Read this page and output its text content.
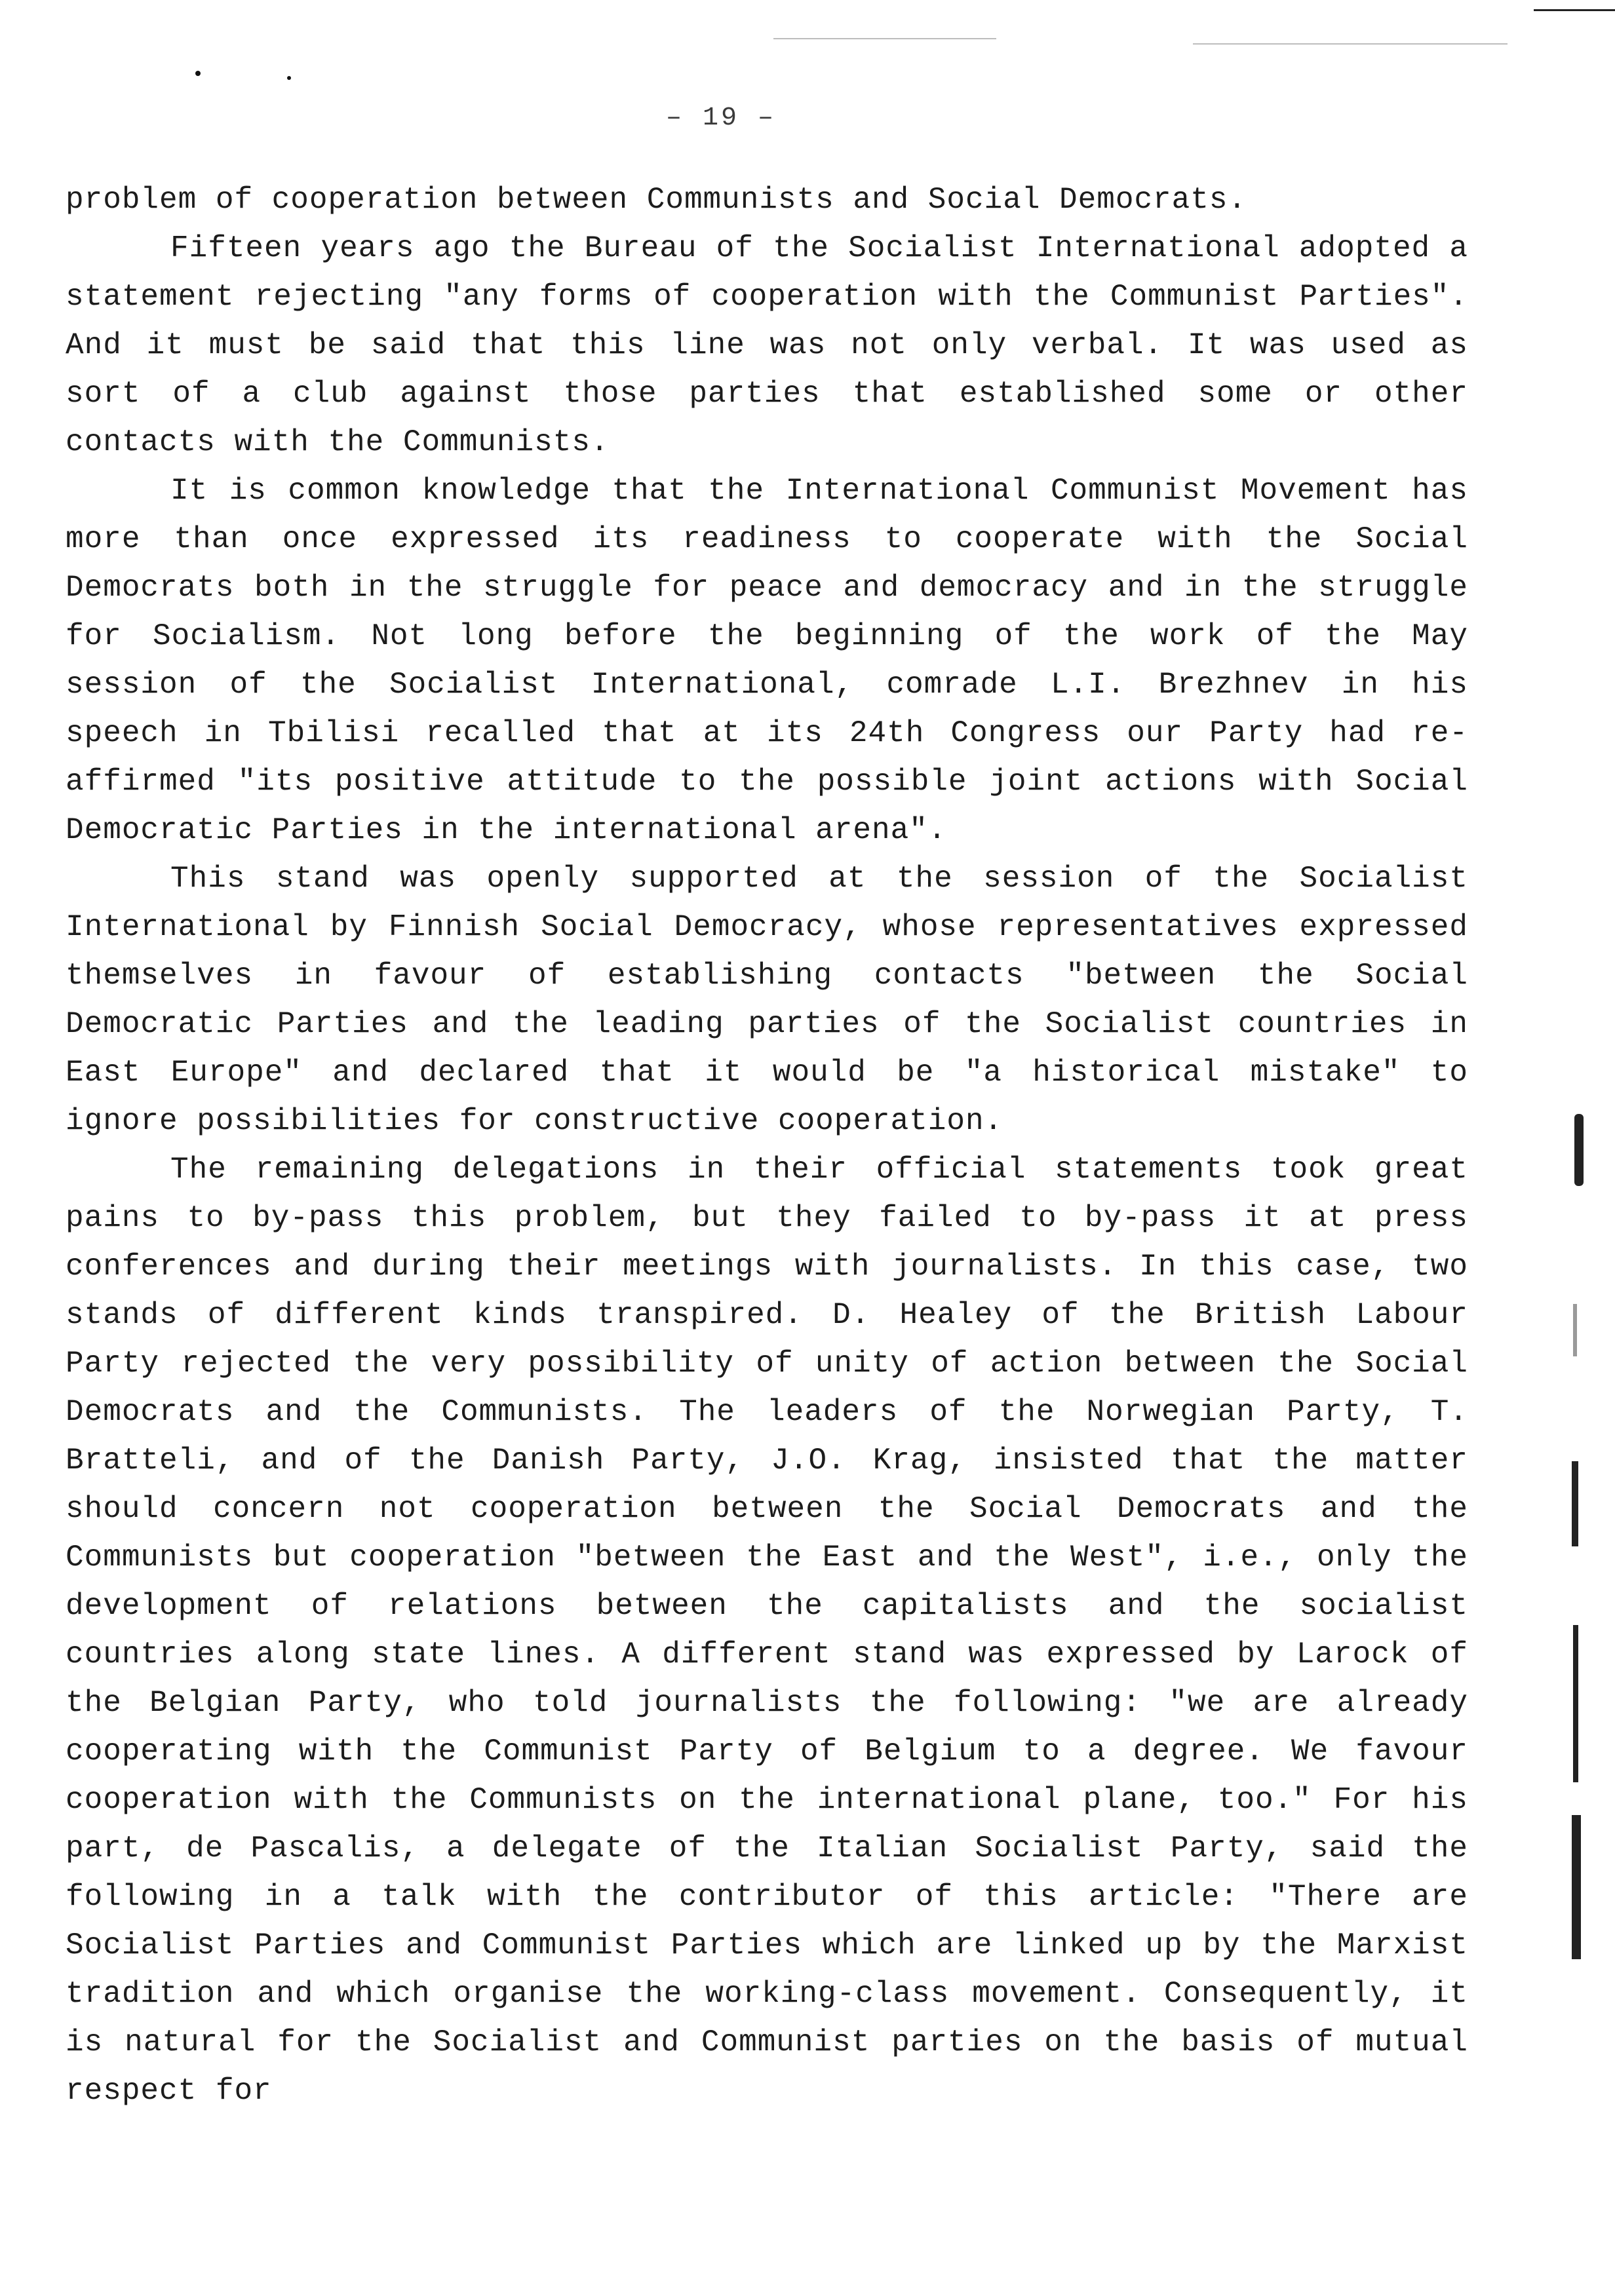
– 19 –

problem of cooperation between Communists and Social Democrats.

Fifteen years ago the Bureau of the Socialist International adopted a statement rejecting "any forms of cooperation with the Communist Parties". And it must be said that this line was not only verbal. It was used as sort of a club against those parties that established some or other contacts with the Communists.

It is common knowledge that the International Communist Movement has more than once expressed its readiness to cooperate with the Social Democrats both in the struggle for peace and democracy and in the struggle for Socialism. Not long before the beginning of the work of the May session of the Socialist International, comrade L.I. Brezhnev in his speech in Tbilisi recalled that at its 24th Congress our Party had re-affirmed "its positive attitude to the possible joint actions with Social Democratic Parties in the international arena".

This stand was openly supported at the session of the Socialist International by Finnish Social Democracy, whose representatives expressed themselves in favour of establishing contacts "between the Social Democratic Parties and the leading parties of the Socialist countries in East Europe" and declared that it would be "a historical mistake" to ignore possibilities for constructive cooperation.

The remaining delegations in their official statements took great pains to by-pass this problem, but they failed to by-pass it at press conferences and during their meetings with journalists. In this case, two stands of different kinds transpired. D. Healey of the British Labour Party rejected the very possibility of unity of action between the Social Democrats and the Communists. The leaders of the Norwegian Party, T. Bratteli, and of the Danish Party, J.O. Krag, insisted that the matter should concern not cooperation between the Social Democrats and the Communists but cooperation "between the East and the West", i.e., only the development of relations between the capitalists and the socialist countries along state lines. A different stand was expressed by Larock of the Belgian Party, who told journalists the following: "we are already cooperating with the Communist Party of Belgium to a degree. We favour cooperation with the Communists on the international plane, too." For his part, de Pascalis, a delegate of the Italian Socialist Party, said the following in a talk with the contributor of this article: "There are Socialist Parties and Communist Parties which are linked up by the Marxist tradition and which organise the working-class movement. Consequently, it is natural for the Socialist and Communist parties on the basis of mutual respect for
